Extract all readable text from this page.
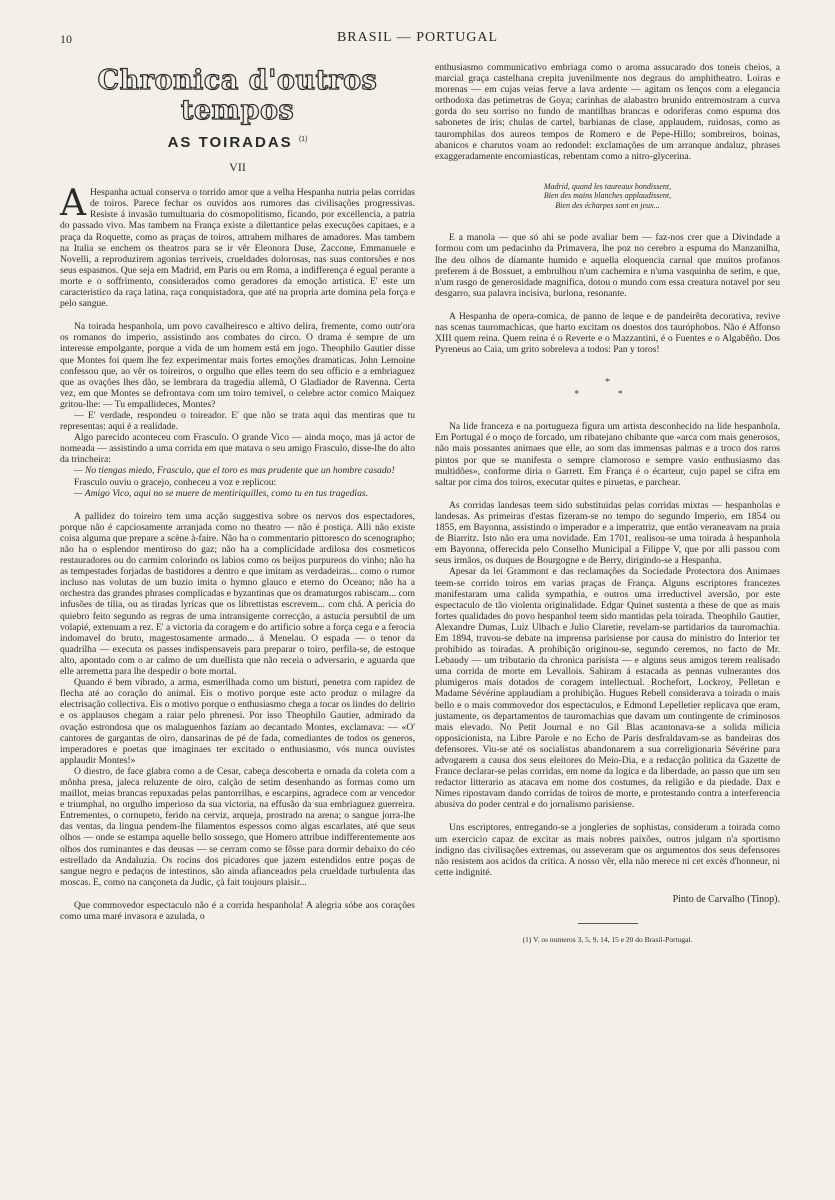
10	BRASIL — PORTUGAL
Chronica d'outros tempos
AS TOIRADAS $^{(1)}$
VII

A Hespanha actual conserva o torrido amor que a velha Hespanha nutria pelas corridas de toiros. Parece fechar os ouvidos aos rumores das civilisações progressivas. Resiste á invasão tumultuaria do cosmopolitismo, ficando, por excellencia, a patria do passado vivo. Mas tambem na França existe a dilettantice pelas execuções capitaes, e a praça da Roquette, como as praças de toiros, attrahem milhares de amadores. Mas tambem na Italia se enchem os theatros para se ir vêr Eleonora Duse, Zaccone, Emmanuele e Novelli, a reproduzirem agonias terriveis, crueldades dolorosas, nas suas contorsões e nos seus espasmos. Que seja em Madrid, em Paris ou em Roma, a indifferença é egual perante a morte e o soffrimento, considerados como geradores da emoção artistica. E' este um caracteristico da raça latina, raça conquistadora, que até na propria arte domina pela força e pelo sangue.

Na toirada hespanhola, um povo cavalheiresco e altivo delira, fremente, como outr'ora os romanos do imperio, assistindo aos combates do circo. O drama é sempre de um interesse empolgante, porque a vida de um homem está em jogo. Theophilo Gautier disse que Montes foi quem lhe fez experimentar mais fortes emoções dramaticas. John Lemoine confessou que, ao vêr os toireiros, o orgulho que elles teem do seu officio e a embriaguez que as ovações lhes dão, se lembrara da tragedia allemã, O Gladiador de Ravenna. Certa vez, em que Montes se defrontava com um toiro temivel, o celebre actor comico Maiquez gritou-lhe: — Tu empallideces, Montes?

— E' verdade, respondeu o toireador. E' que não se trata aqui das mentiras que tu representas: aqui é a realidade.

Algo parecido aconteceu com Frasculo. O grande Vico — ainda moço, mas já actor de nomeada — assistindo a uma corrida em que matava o seu amigo Frasculo, disse-lhe do alto da trincheira:

— No tiengas miedo, Frasculo, que el toro es mas prudente que un hombre casado!

Frasculo ouviu o gracejo, conheceu a voz e replicou:

— Amigo Vico, aqui no se muere de mentiriquilles, como tu en tus tragedias.

A pallidez do toireiro tem uma acção suggestiva sobre os nervos dos espectadores, porque não é capciosamente arranjada como no theatro — não é postiça. Alli não existe coisa alguma que prepare a scène à-faire. Não ha o commentario pittoresco do scenographo; não ha o esplendor mentiroso do gaz; não ha a complicidade ardilosa dos cosmeticos restauradores ou do carmim colorindo os labios como os beijos purpureos do vinho; não ha as tempestades forjadas de bastidores a dentro e que imitam as verdadeiras... como o rumor incluso nas volutas de um buzio imita o hymno glauco e eterno do Oceano; não ha a orchestra das grandes phrases complicadas e byzantinas que os dramaturgos rabiscam... com infusões de tilia, ou as tiradas lyricas que os librettistas escrevem... com chá. A pericia do quiebro feito segundo as regras de uma intransigente correcção, a astucia persubtil de um volapié, extenuam a rez. E' a victoria da coragem e do artificio sobre a força cega e a ferocia indomavel do bruto, magestosamente armado... á Menelau. O espada — o tenor da quadrilha — executa os passes indispensaveis para preparar o toiro, perfila-se, de estoque alto, apontado com o ar calmo de um duellista que não receia o adversario, e aguarda que elle arremetta para lhe despedir o bote mortal.

Quando é bem vibrado, a arma, esmerilhada como um bisturi, penetra com rapidez de flecha até ao coração do animal. Eis o motivo porque este acto produz o milagre da electrisação collectiva. Eis o motivo porque o enthusiasmo chega a tocar os lindes do delirio e os applausos chegam a raiar pelo phrenesi. Por isso Theophilo Gautier, admirado da ovação estrondosa que os malaguenhos faziam ao decantado Montes, exclamava: — «O' cantores de gargantas de oiro, dansarinas de pé de fada, comediantes de todos os generos, imperadores e poetas que imaginaes ter excitado o enthusiasmo, vós nunca ouvistes applaudir Montes!»

O diestro, de face glabra como a de Cesar, cabeça descoberta e ornada da coleta com a mônha presa, jaleca reluzente de oiro, calção de setim desenhando as formas como um maillot, meias brancas repuxadas pelas pantorrilhas, e escarpins, agradece com ar vencedor e triumphal, no orgulho imperioso da sua victoria, na effusão da sua embriaguez guerreira. Entrementes, o cornupeto, ferido na cerviz, arqueja, prostrado na arena; o sangue jorra-lhe das ventas, da lingua pendem-lhe filamentos espessos como algas escarlates, até que seus olhos — onde se estampa aquelle bello sossego, que Homero attribue indifferentemente aos olhos dos ruminantes e das deusas — se cerram como se fôsse para dormir debaixo do céo estrellado da Andaluzia. Os rocins dos picadores que jazem estendidos entre poças de sangue negro e pedaços de intestinos, são ainda afianceados pela crueldade turbulenta das moscas. E, como na cançoneta da Judic, çà fait toujours plaisir...

Que commovedor espectaculo não é a corrida hespanhola! A alegria sóbe aos corações como uma maré invasora e azulada, o

enthusiasmo communicativo embriaga como o aroma assucarado dos toneis cheios, a marcial graça castelhana crepita juvenilmente nos degraus do amphitheatro. Loiras e morenas — em cujas veias ferve a lava ardente — agitam os lenços com a elegancia orthodoxa das petimetras de Goya; carinhas de alabastro brunido entremostram a curva gorda do seu sorriso no fundo de mantilhas brancas e odoriferas como espuma dos sabonetes de iris; chulas de cartel, barbianas de clase, applaudem, ruidosas, como as tauromphilas dos aureos tempos de Romero e de Pepe-Hillo; sombreiros, boinas, abanicos e charutos voam ao redondel: exclamações de um arranque andaluz, phrases exaggeradamente encomiasticas, rebentam como a nitro-glycerina.

Madrid, quand les taureaux bondissent,
Bien des mains blanches applaudissent,
Bien des écharpes sont en jeux...

E a manola — que só ahi se pode avaliar bem — faz-nos crer que a Divindade a formou com um pedacinho da Primavera, lhe poz no cerebro a espuma do Manzanilha, lhe deu olhos de diamante humido e aquella eloquencia carnal que muitos profanos preferem á de Bossuet, a embrulhou n'um cachemira e n'uma vasquinha de setim, e que, n'um rasgo de generosidade magnifica, dotou o mundo com essa creatura notavel por seu desgarro, sua palavra incisiva, burlona, resonante.

A Hespanha de opera-comica, de panno de leque e de pandeirêta decorativa, revive nas scenas tauromachicas, que harto excitam os doestos dos tauróphobos. Não é Affonso XIII quem reina. Quem reina é o Reverte e o Mazzantini, é o Fuentes e o Algabêño. Dos Pyreneus ao Caia, um grito sobreleva a todos: Pan y toros!

*
* *

Na lide franceza e na portugueza figura um artista desconhecido na lide hespanhola. Em Portugal é o moço de forcado, um ribatejano chibante que «arca com mais generosos, não mais possantes animaes que elle, ao som das immensas palmas e a troco dos raros pintos por que se manifesta o sempre clamoroso e sempre vasio enthusiasmo das multidões», conforme diria o Garrett. Em França é o écarteur, cujo papel se cifra em saltar por cima dos toiros, executar quites e piruetas, e parchear.

As corridas landesas teem sido substituidas pelas corridas mixtas — hespanholas e landesas. As primeiras d'estas fizeram-se no tempo do segundo Imperio, em 1854 ou 1855, em Bayonna, assistindo o imperador e a imperatriz, que então veraneavam na praia de Biarritz. Isto não era uma novidade. Em 1701, realisou-se uma toirada á hespanhola em Bayonna, offerecida pelo Conselho Municipal a Filippe V, que por alli passou com seus irmãos, os duques de Bourgogne e de Berry, dirigindo-se a Hespanha.

Apesar da lei Grammont e das reclamações da Sociedade Protectora dos Animaes teem-se corrido toiros em varias praças de França. Alguns escriptores francezes manifestaram uma calida sympathia, e outros uma irreductivel aversão, por este espectaculo de tão violenta originalidade. Edgar Quinet sustenta a these de que as mais fortes qualidades do povo hespanhol teem sido mantidas pela toirada. Theophilo Gautier, Alexandre Dumas, Luiz Ulbach e Julio Claretie, revelam-se partidarios da tauromachia. Em 1894, travou-se debate na imprensa parisiense por causa do ministro do Interior ter prohibido as toiradas. A prohibição originou-se, segundo ceremos, no facto de Mr. Lebaudy — um tributario da chronica parisista — e alguns seus amigos terem realisado uma corrida de morte em Levallois. Sahiram á estacada as pennas vulnerantes dos plumigeros mais dotados de coragem intellectual. Rochefort, Lockroy, Pelletan e Madame Sévérine applaudiam a prohibição. Hugues Rebell considerava a toirada o mais bello e o mais commovedor dos espectaculos, e Edmond Lepelletier replicava que eram, justamente, os departamentos de tauromachias que davam um contingente de criminosos mais elevado. No Petit Journal e no Gil Blas acantonava-se a solida milicia opposicionista, na Libre Parole e no Echo de Paris desfraldavam-se as bandeiras dos defensores. Viu-se até os socialistas abandonarem a sua correligionaria Sévérine para advogarem a causa dos seus eleitores do Meio-Dia, e a redacção politica da Gazette de France declarar-se pelas corridas, em nome da logica e da liberdade, ao passo que um seu redactor litterario as atacava em nome dos costumes, da religião e da piedade. Dax e Nimes ripostavam dando corridas de toiros de morte, e protestando contra a interferencia abusiva do poder central e do jornalismo parisiense.

Uns escriptores, entregando-se a jongleries de sophistas, consideram a toirada como um exercicio capaz de excitar as mais nobres paixões, outros julgam n'a sportismo indigno das civilisações extremas, ou asseveram que os argumentos dos seus defensores não resistem aos acidos da critica. A nosso vêr, ella não merece ni cet excès d'honneur, ni cette indignité.

Pinto de Carvalho (Tinop).
(1) V. os numeros 3, 5, 9, 14, 15 e 20 do Brasil-Portugal.
